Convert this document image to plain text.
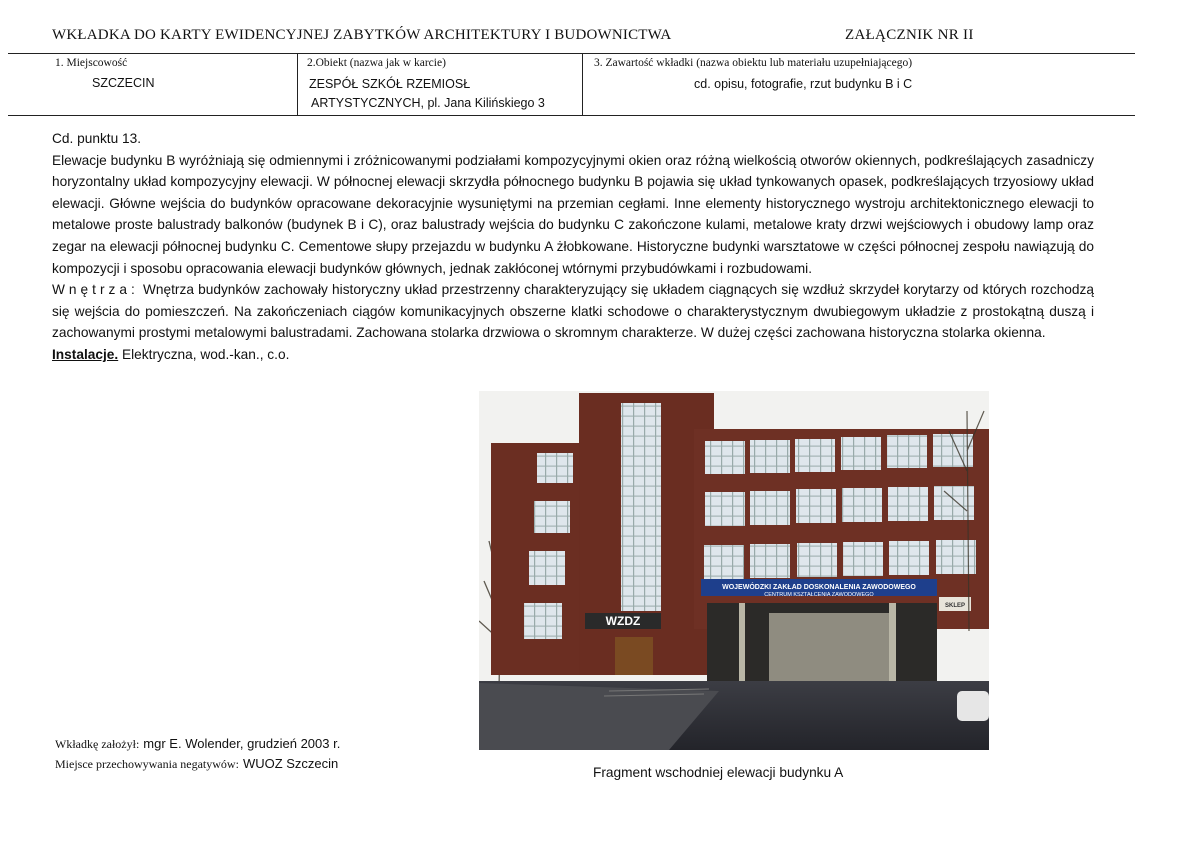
WKŁADKA DO KARTY EWIDENCYJNEJ ZABYTKÓW ARCHITEKTURY I BUDOWNICTWA	ZAŁĄCZNIK NR II
1. Miejscowość
SZCZECIN
2.Obiekt (nazwa jak w karcie)
ZESPÓŁ SZKÓŁ RZEMIOSŁ
ARTYSTYCZNYCH, pl. Jana Kilińskiego 3
3. Zawartość wkładki (nazwa obiektu lub materiału uzupełniającego)
cd. opisu, fotografie, rzut budynku B i C

Cd. punktu 13.

Elewacje budynku B wyróżniają się odmiennymi i zróżnicowanymi podziałami kompozycyjnymi okien oraz różną wielkością otworów okiennych, podkreślających zasadniczy horyzontalny układ kompozycyjny elewacji. W północnej elewacji skrzydła północnego budynku B pojawia się układ tynkowanych opasek, podkreślających trzyosiowy układ elewacji. Główne wejścia do budynków opracowane dekoracyjnie wysuniętymi na przemian cegłami. Inne elementy historycznego wystroju architektonicznego elewacji to metalowe proste balustrady balkonów (budynek B i C), oraz balustrady wejścia do budynku C zakończone kulami, metalowe kraty drzwi wejściowych i obudowy lamp oraz zegar na elewacji północnej budynku C. Cementowe słupy przejazdu w budynku A żłobkowane. Historyczne budynki warsztatowe w części północnej zespołu nawiązują do kompozycji i sposobu opracowania elewacji budynków głównych, jednak zakłóconej wtórnymi przybudówkami i rozbudowami.

Wnętrza: Wnętrza budynków zachowały historyczny układ przestrzenny charakteryzujący się układem ciągnących się wzdłuż skrzydeł korytarzy od których rozchodzą się wejścia do pomieszczeń. Na zakończeniach ciągów komunikacyjnych obszerne klatki schodowe o charakterystycznym dwubiegowym układzie z prostokątną duszą i zachowanymi prostymi metalowymi balustradami. Zachowana stolarka drzwiowa o skromnym charakterze. W dużej części zachowana historyczna stolarka okienna.

Instalacje. Elektryczna, wod.-kan., c.o.

WOJEWÓDZKI ZAKŁAD DOSKONALENIA ZAWODOWEGO
CENTRUM KSZTAŁCENIA ZAWODOWEGO
WZDZ
SKLEP
Fragment wschodniej elewacji budynku A
Wkładkę założył: mgr E. Wolender, grudzień 2003 r.
Miejsce przechowywania negatywów: WUOZ Szczecin
